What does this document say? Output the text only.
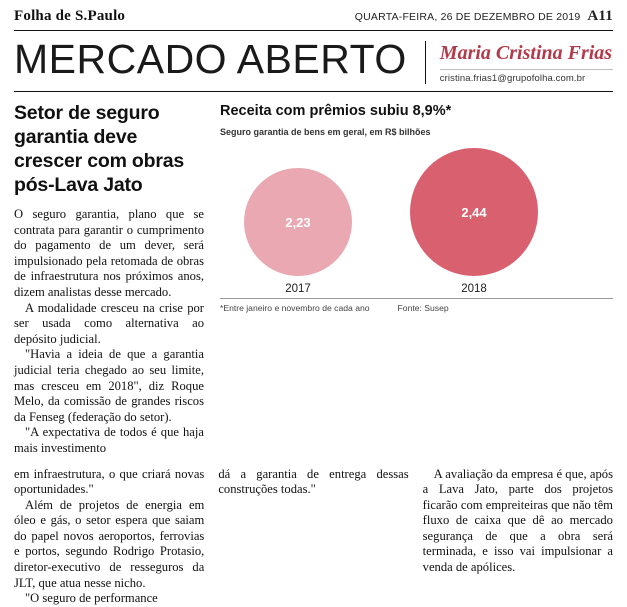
Folha de S.Paulo	QUARTA-FEIRA, 26 DE DEZEMBRO DE 2019 A11
MERCADO ABERTO	Maria Cristina Frias
cristina.frias1@grupofolha.com.br
Setor de seguro garantia deve crescer com obras pós-Lava Jato

O seguro garantia, plano que se contrata para garantir o cumprimento do pagamento de um dever, será impulsionado pela retomada de obras de infraestrutura nos próximos anos, dizem analistas desse mercado.

A modalidade cresceu na crise por ser usada como alternativa ao depósito judicial.

"Havia a ideia de que a garantia judicial teria chegado ao seu limite, mas cresceu em 2018", diz Roque Melo, da comissão de grandes riscos da Fenseg (federação do setor).

"A expectativa de todos é que haja mais investimento

Receita com prêmios subiu 8,9%*
Seguro garantia de bens em geral, em R$ bilhões
2,23
2017
2,44
2018
*Entre janeiro e novembro de cada ano	Fonte: Susep

em infraestrutura, o que criará novas oportunidades."

Além de projetos de energia em óleo e gás, o setor espera que saiam do papel novos aeroportos, ferrovias e portos, segundo Rodrigo Protasio, diretor-executivo de resseguros da JLT, que atua nesse nicho.

"O seguro de performance

dá a garantia de entrega dessas construções todas."

A avaliação da empresa é que, após a Lava Jato, parte dos projetos ficarão com empreiteiras que não têm fluxo de caixa que dê ao mercado segurança de que a obra será terminada, e isso vai impulsionar a venda de apólices.
